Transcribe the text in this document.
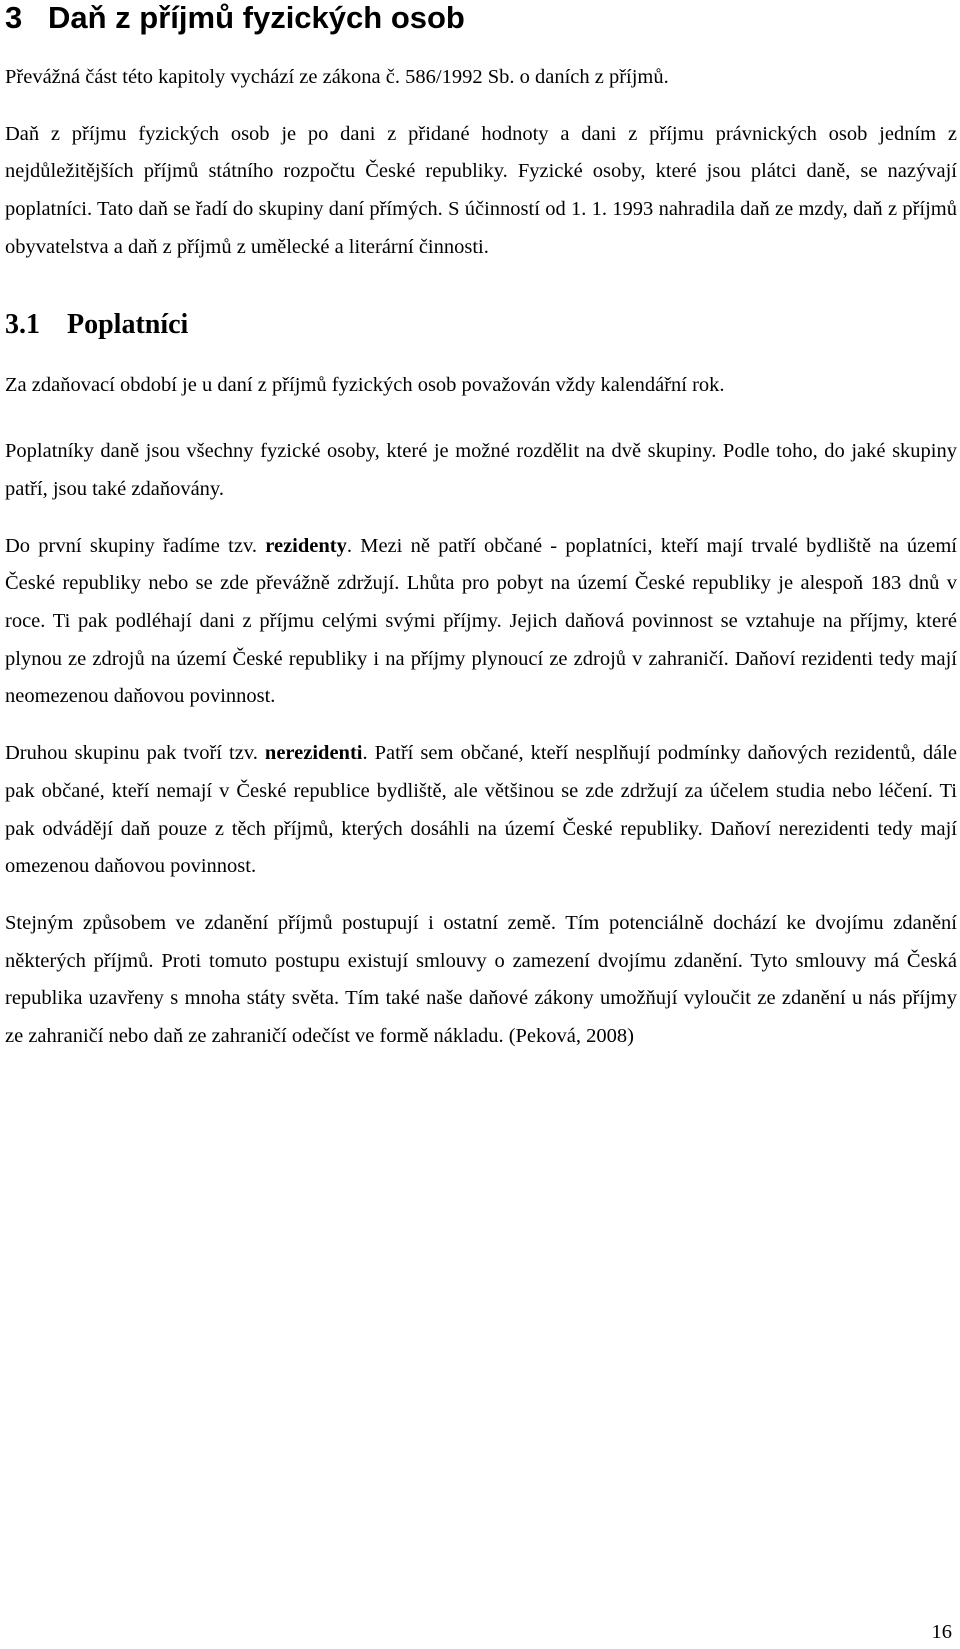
3 Daň z příjmů fyzických osob

Převážná část této kapitoly vychází ze zákona č. 586/1992 Sb. o daních z příjmů.

Daň z příjmu fyzických osob je po dani z přidané hodnoty a dani z příjmu právnických osob jedním z nejdůležitějších příjmů státního rozpočtu České republiky. Fyzické osoby, které jsou plátci daně, se nazývají poplatníci. Tato daň se řadí do skupiny daní přímých. S účinností od 1. 1. 1993 nahradila daň ze mzdy, daň z příjmů obyvatelstva a daň z příjmů z umělecké a literární činnosti.

3.1 Poplatníci

Za zdaňovací období je u daní z příjmů fyzických osob považován vždy kalendářní rok.

Poplatníky daně jsou všechny fyzické osoby, které je možné rozdělit na dvě skupiny. Podle toho, do jaké skupiny patří, jsou také zdaňovány.

Do první skupiny řadíme tzv. rezidenty. Mezi ně patří občané - poplatníci, kteří mají trvalé bydliště na území České republiky nebo se zde převážně zdržují. Lhůta pro pobyt na území České republiky je alespoň 183 dnů v roce. Ti pak podléhají dani z příjmu celými svými příjmy. Jejich daňová povinnost se vztahuje na příjmy, které plynou ze zdrojů na území České republiky i na příjmy plynoucí ze zdrojů v zahraničí. Daňoví rezidenti tedy mají neomezenou daňovou povinnost.

Druhou skupinu pak tvoří tzv. nerezidenti. Patří sem občané, kteří nesplňují podmínky daňových rezidentů, dále pak občané, kteří nemají v České republice bydliště, ale většinou se zde zdržují za účelem studia nebo léčení. Ti pak odvádějí daň pouze z těch příjmů, kterých dosáhli na území České republiky. Daňoví nerezidenti tedy mají omezenou daňovou povinnost.

Stejným způsobem ve zdanění příjmů postupují i ostatní země. Tím potenciálně dochází ke dvojímu zdanění některých příjmů. Proti tomuto postupu existují smlouvy o zamezení dvojímu zdanění. Tyto smlouvy má Česká republika uzavřeny s mnoha státy světa. Tím také naše daňové zákony umožňují vyloučit ze zdanění u nás příjmy ze zahraničí nebo daň ze zahraničí odečíst ve formě nákladu. (Peková, 2008)

16
